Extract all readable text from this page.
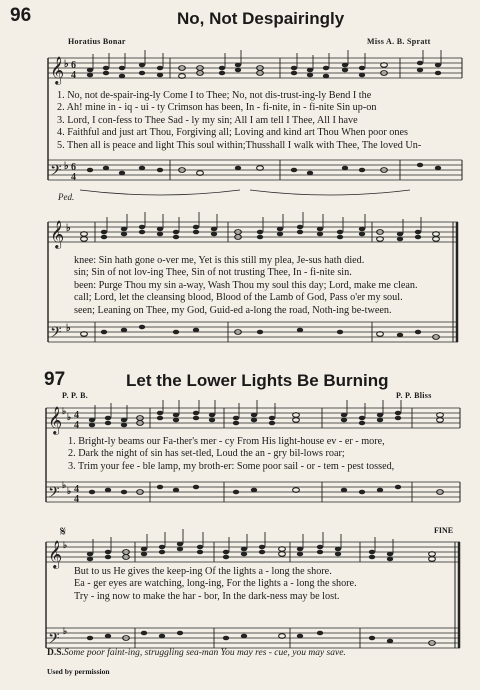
96	No, Not Despairingly
Horatius Bonar	Miss A. B. Spratt
𝄞
𝄢
♭
♭
6
4
6
4
1. No, not de-spair-ing-ly Come I to Thee; No, not dis-trust-ing-ly Bend I the
2. Ah! mine in - iq - ui - ty Crimson has been, In - fi-nite, in - fi-nite Sin up-on
3. Lord, I con-fess to Thee Sad - ly my sin; All I am tell I Thee, All I have
4. Faithful and just art Thou, Forgiving all; Loving and kind art Thou When poor ones
5. Then all is peace and light This soul within;Thusshall I walk with Thee, The loved Un-
Ped.
𝄞
𝄢
♭
♭
knee: Sin hath gone o-ver me, Yet is this still my plea, Je-sus hath died.
sin; Sin of not lov-ing Thee, Sin of not trusting Thee, In - fi-nite sin.
been: Purge Thou my sin a-way, Wash Thou my soul this day; Lord, make me clean.
call; Lord, let the cleansing blood, Blood of the Lamb of God, Pass o'er my soul.
seen; Leaning on Thee, my God, Guid-ed a-long the road, Noth-ing be-tween.
97	Let the Lower Lights Be Burning
P. P. B.	P. P. Bliss
𝄞
𝄢
♭
♭
♭
♭
4
4
4
4
1. Bright-ly beams our Fa-ther's mer - cy From His light-house ev - er - more,
2. Dark the night of sin has set-tled, Loud the an - gry bil-lows roar;
3. Trim your fee - ble lamp, my broth-er: Some poor sail - or - tem - pest tossed,
FINE
𝄋
𝄞
𝄢
♭
♭
But to us He gives the keep-ing Of the lights a - long the shore.
Ea - ger eyes are watching, long-ing, For the lights a - long the shore.
Try - ing now to make the har - bor, In the dark-ness may be lost.
D.S.Some poor faint-ing, struggling sea-man You may res - cue, you may save.
Used by permission
